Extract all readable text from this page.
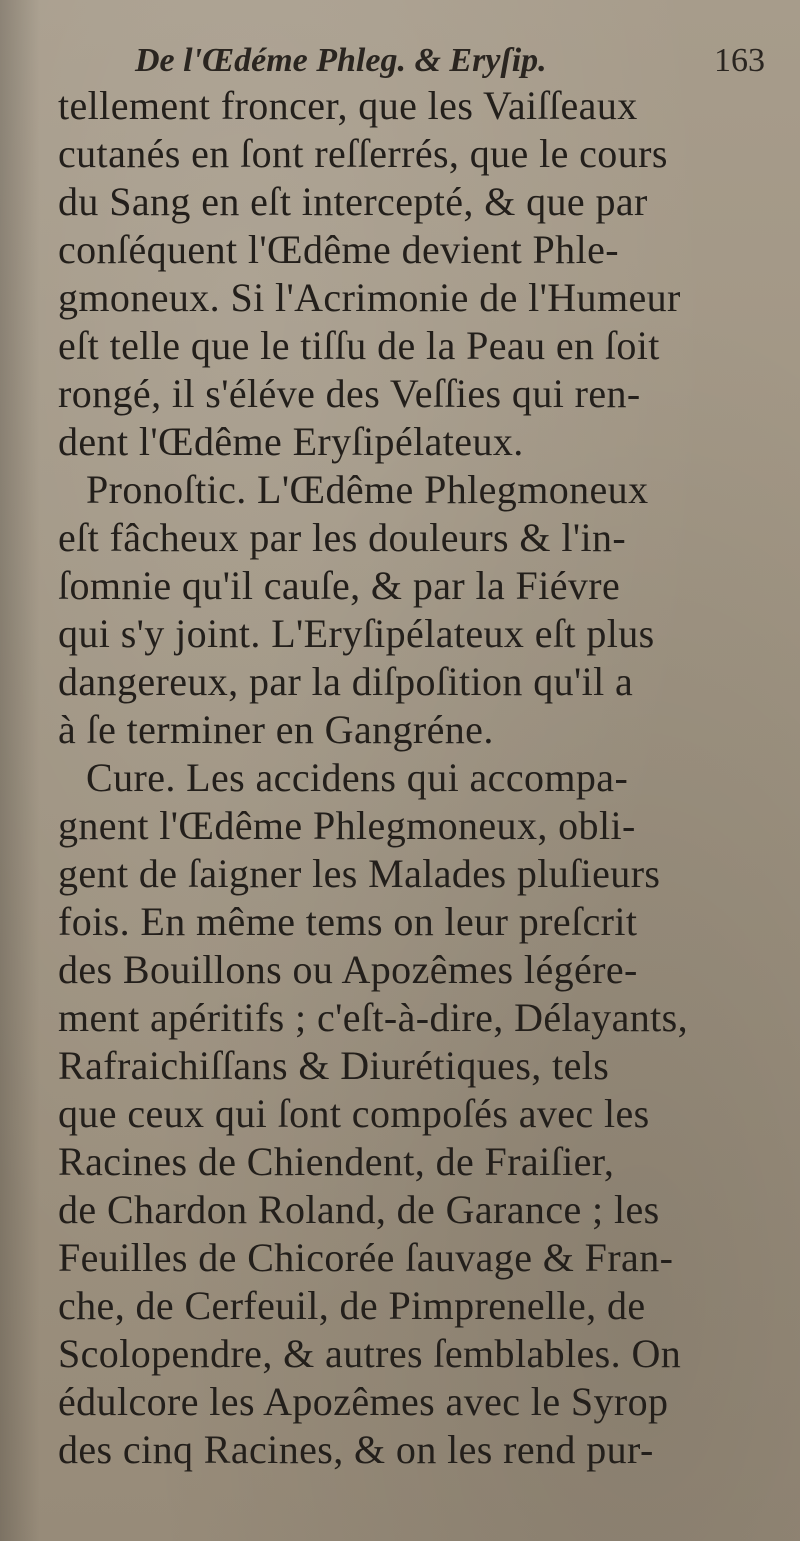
De l'Œdéme Phleg. & Eryſip.	163
tellement froncer, que les Vaiſſeaux
cutanés en ſont reſſerrés, que le cours
du Sang en eſt intercepté, & que par
conſéquent l'Œdême devient Phle-
gmoneux. Si l'Acrimonie de l'Humeur
eſt telle que le tiſſu de la Peau en ſoit
rongé, il s'éléve des Veſſies qui ren-
dent l'Œdême Eryſipélateux.
Pronoſtic. L'Œdême Phlegmoneux
eſt fâcheux par les douleurs & l'in-
ſomnie qu'il cauſe, & par la Fiévre
qui s'y joint. L'Eryſipélateux eſt plus
dangereux, par la diſpoſition qu'il a
à ſe terminer en Gangréne.
Cure. Les accidens qui accompa-
gnent l'Œdême Phlegmoneux, obli-
gent de ſaigner les Malades pluſieurs
fois. En même tems on leur preſcrit
des Bouillons ou Apozêmes légére-
ment apéritifs ; c'eſt-à-dire, Délayants,
Rafraichiſſans & Diurétiques, tels
que ceux qui ſont compoſés avec les
Racines de Chiendent, de Fraiſier,
de Chardon Roland, de Garance ; les
Feuilles de Chicorée ſauvage & Fran-
che, de Cerfeuil, de Pimprenelle, de
Scolopendre, & autres ſemblables. On
édulcore les Apozêmes avec le Syrop
des cinq Racines, & on les rend pur-
